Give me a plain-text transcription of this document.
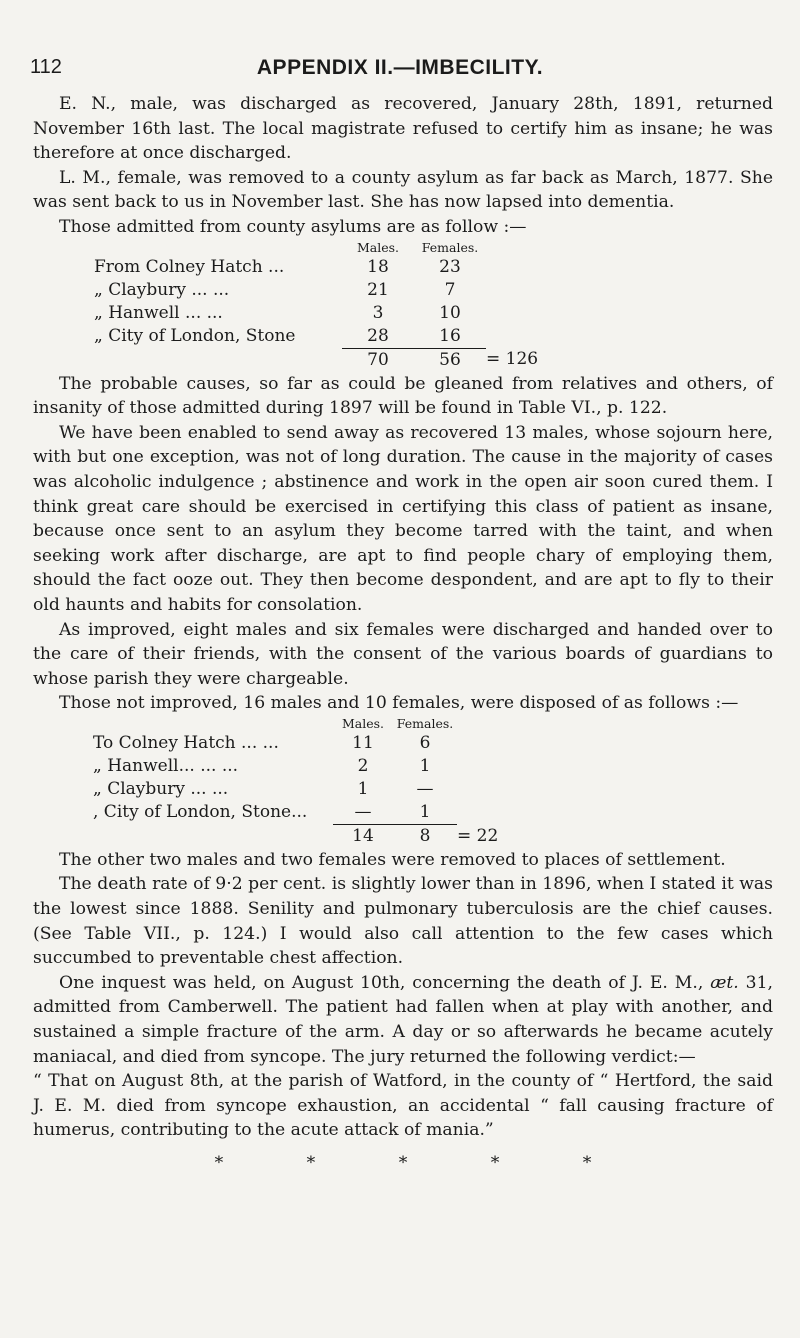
112	APPENDIX II.—IMBECILITY.

E. N., male, was discharged as recovered, January 28th, 1891, returned November 16th last. The local magistrate refused to certify him as insane; he was therefore at once discharged.

L. M., female, was removed to a county asylum as far back as March, 1877. She was sent back to us in November last. She has now lapsed into dementia.

Those admitted from county asylums are as follow :—

	Males.	Females.	
From Colney Hatch ...	18	23	
„ Claybury ... ...	21	7	
„ Hanwell ... ...	3	10	
„ City of London, Stone	28	16	
	70	56	= 126

The probable causes, so far as could be gleaned from relatives and others, of insanity of those admitted during 1897 will be found in Table VI., p. 122.

We have been enabled to send away as recovered 13 males, whose sojourn here, with but one exception, was not of long duration. The cause in the majority of cases was alcoholic indulgence ; abstinence and work in the open air soon cured them. I think great care should be exercised in certifying this class of patient as insane, because once sent to an asylum they become tarred with the taint, and when seeking work after discharge, are apt to find people chary of employing them, should the fact ooze out. They then become despondent, and are apt to fly to their old haunts and habits for consolation.

As improved, eight males and six females were discharged and handed over to the care of their friends, with the consent of the various boards of guardians to whose parish they were chargeable.

Those not improved, 16 males and 10 females, were disposed of as follows :—

	Males.	Females.	
To Colney Hatch ... ...	11	6	
„ Hanwell... ... ...	2	1	
„ Claybury ... ...	1	—	
, City of London, Stone...	—	1	
	14	8	= 22

The other two males and two females were removed to places of settlement.

The death rate of 9·2 per cent. is slightly lower than in 1896, when I stated it was the lowest since 1888. Senility and pulmonary tuberculosis are the chief causes. (See Table VII., p. 124.) I would also call attention to the few cases which succumbed to preventable chest affection.

One inquest was held, on August 10th, concerning the death of J. E. M., æt. 31, admitted from Camberwell. The patient had fallen when at play with another, and sustained a simple fracture of the arm. A day or so afterwards he became acutely maniacal, and died from syncope. The jury returned the following verdict:—

“ That on August 8th, at the parish of Watford, in the county of “ Hertford, the said J. E. M. died from syncope exhaustion, an accidental “ fall causing fracture of humerus, contributing to the acute attack of mania.”

* * * * *
